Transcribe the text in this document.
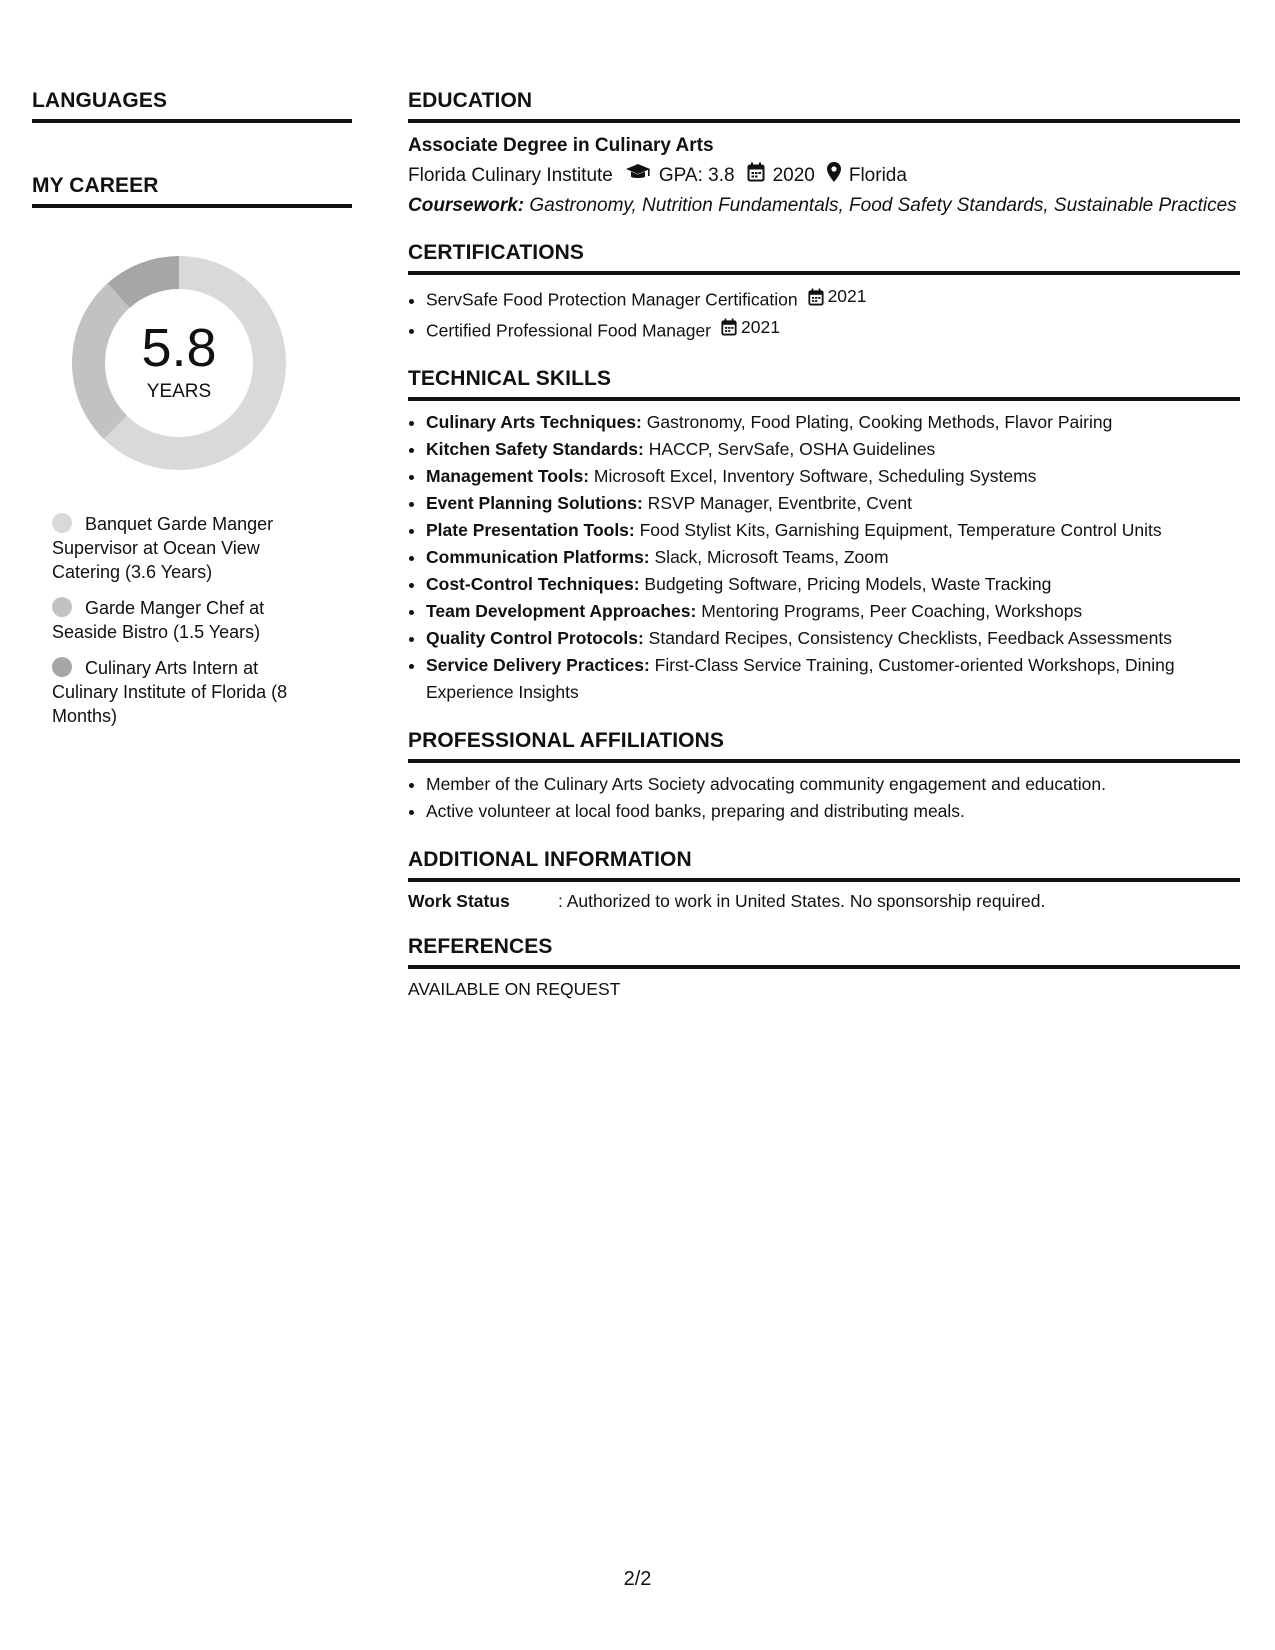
LANGUAGES
MY CAREER
5.8
YEARS
Banquet Garde Manger Supervisor at Ocean View Catering (3.6 Years)
Garde Manger Chef at Seaside Bistro (1.5 Years)
Culinary Arts Intern at Culinary Institute of Florida (8 Months)
EDUCATION
Associate Degree in Culinary Arts
Florida Culinary Institute GPA: 3.8 2020 Florida
Coursework: Gastronomy, Nutrition Fundamentals, Food Safety Standards, Sustainable Practices
CERTIFICATIONS
• ServSafe Food Protection Manager Certification 2021
• Certified Professional Food Manager 2021
TECHNICAL SKILLS
• Culinary Arts Techniques: Gastronomy, Food Plating, Cooking Methods, Flavor Pairing
• Kitchen Safety Standards: HACCP, ServSafe, OSHA Guidelines
• Management Tools: Microsoft Excel, Inventory Software, Scheduling Systems
• Event Planning Solutions: RSVP Manager, Eventbrite, Cvent
• Plate Presentation Tools: Food Stylist Kits, Garnishing Equipment, Temperature Control Units
• Communication Platforms: Slack, Microsoft Teams, Zoom
• Cost-Control Techniques: Budgeting Software, Pricing Models, Waste Tracking
• Team Development Approaches: Mentoring Programs, Peer Coaching, Workshops
• Quality Control Protocols: Standard Recipes, Consistency Checklists, Feedback Assessments
• Service Delivery Practices: First-Class Service Training, Customer-oriented Workshops, Dining Experience Insights
PROFESSIONAL AFFILIATIONS
• Member of the Culinary Arts Society advocating community engagement and education.
• Active volunteer at local food banks, preparing and distributing meals.
ADDITIONAL INFORMATION
Work Status	: Authorized to work in United States. No sponsorship required.
REFERENCES
AVAILABLE ON REQUEST
2/2
